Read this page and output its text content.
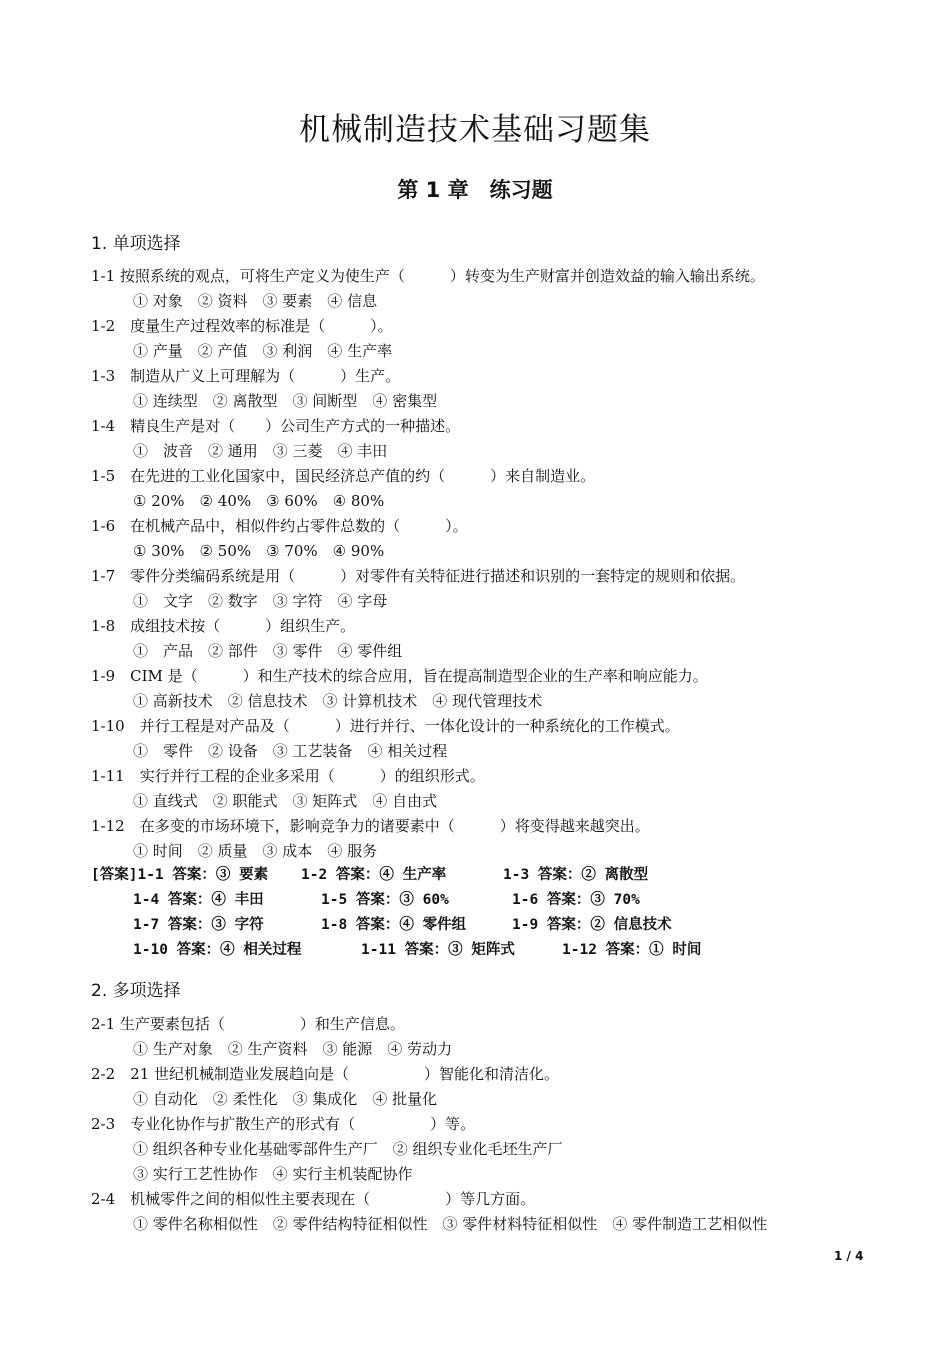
机械制造技术基础习题集
第 1 章　练习题
1. 单项选择
1-1 按照系统的观点，可将生产定义为使生产（　　　）转变为生产财富并创造效益的输入输出系统。
① 对象　② 资料　③ 要素　④ 信息
1-2　度量生产过程效率的标准是（　　　）。
① 产量　② 产值　③ 利润　④ 生产率
1-3　制造从广义上可理解为（　　　）生产。
① 连续型　② 离散型　③ 间断型　④ 密集型
1-4　精良生产是对（　　）公司生产方式的一种描述。
①　波音　② 通用　③ 三菱　④ 丰田
1-5　在先进的工业化国家中，国民经济总产值的约（　　　）来自制造业。
① 20%　② 40%　③ 60%　④ 80%
1-6　在机械产品中，相似件约占零件总数的（　　　）。
① 30%　② 50%　③ 70%　④ 90%
1-7　零件分类编码系统是用（　　　）对零件有关特征进行描述和识别的一套特定的规则和依据。
①　文字　② 数字　③ 字符　④ 字母
1-8　成组技术按（　　　）组织生产。
①　产品　② 部件　③ 零件　④ 零件组
1-9　CIM 是（　　　）和生产技术的综合应用，旨在提高制造型企业的生产率和响应能力。
① 高新技术　② 信息技术　③ 计算机技术　④ 现代管理技术
1-10　并行工程是对产品及（　　　）进行并行、一体化设计的一种系统化的工作模式。
①　零件　② 设备　③ 工艺装备　④ 相关过程
1-11　实行并行工程的企业多采用（　　　）的组织形式。
① 直线式　② 职能式　③ 矩阵式　④ 自由式
1-12　在多变的市场环境下，影响竞争力的诸要素中（　　　）将变得越来越突出。
① 时间　② 质量　③ 成本　④ 服务
[答案]1-1 答案：③ 要素 1-2 答案：④ 生产率	1-3 答案：② 离散型
1-4 答案：④ 丰田	1-5 答案：③ 60%	1-6 答案：③ 70%
1-7 答案：③ 字符	1-8 答案：④ 零件组	1-9 答案：② 信息技术
1-10 答案：④ 相关过程	1-11 答案：③ 矩阵式	1-12 答案：① 时间
2. 多项选择
2-1 生产要素包括（　　　　　）和生产信息。
① 生产对象　② 生产资料　③ 能源　④ 劳动力
2-2　21 世纪机械制造业发展趋向是（　　　　　）智能化和清洁化。
① 自动化　② 柔性化　③ 集成化　④ 批量化
2-3　专业化协作与扩散生产的形式有（　　　　　）等。
① 组织各种专业化基础零部件生产厂　② 组织专业化毛坯生产厂
③ 实行工艺性协作　④ 实行主机装配协作
2-4　机械零件之间的相似性主要表现在（　　　　　）等几方面。
① 零件名称相似性　② 零件结构特征相似性　③ 零件材料特征相似性　④ 零件制造工艺相似性
1 / 4
